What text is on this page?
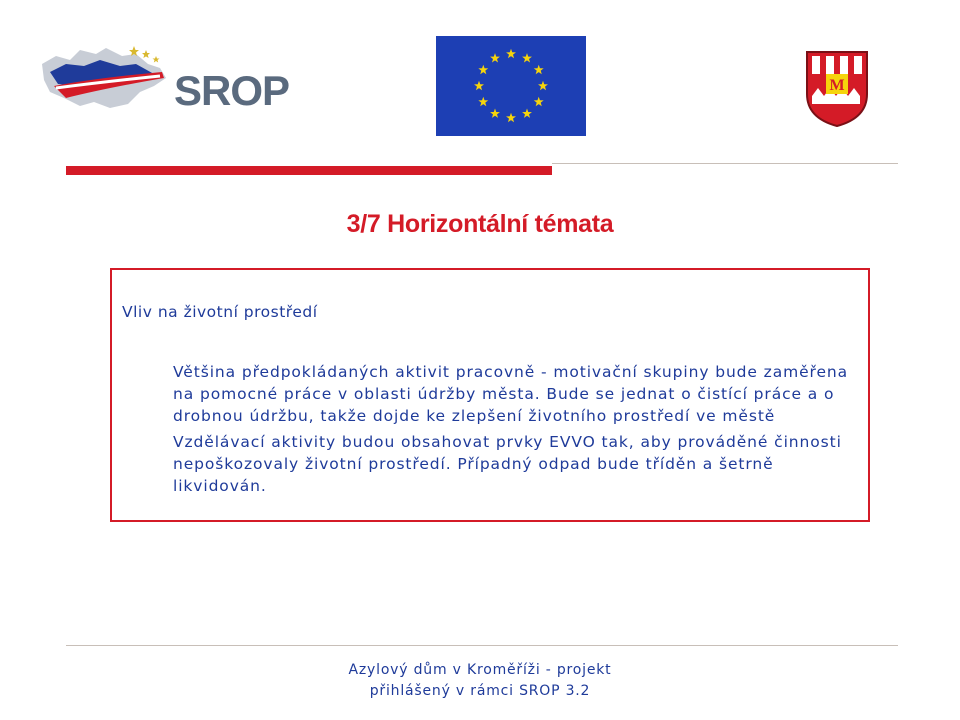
SROP	M
3/7 Horizontální témata
Vliv na životní prostředí

Většina předpokládaných aktivit pracovně - motivační skupiny bude zaměřena na pomocné práce v oblasti údržby města. Bude se jednat o čistící práce a o drobnou údržbu, takže dojde ke zlepšení životního prostředí ve městě

Vzdělávací aktivity budou obsahovat prvky EVVO tak, aby prováděné činnosti nepoškozovaly životní prostředí. Případný odpad bude tříděn a šetrně likvidován.

Azylový dům v Kroměříži - projekt
přihlášený v rámci SROP 3.2
